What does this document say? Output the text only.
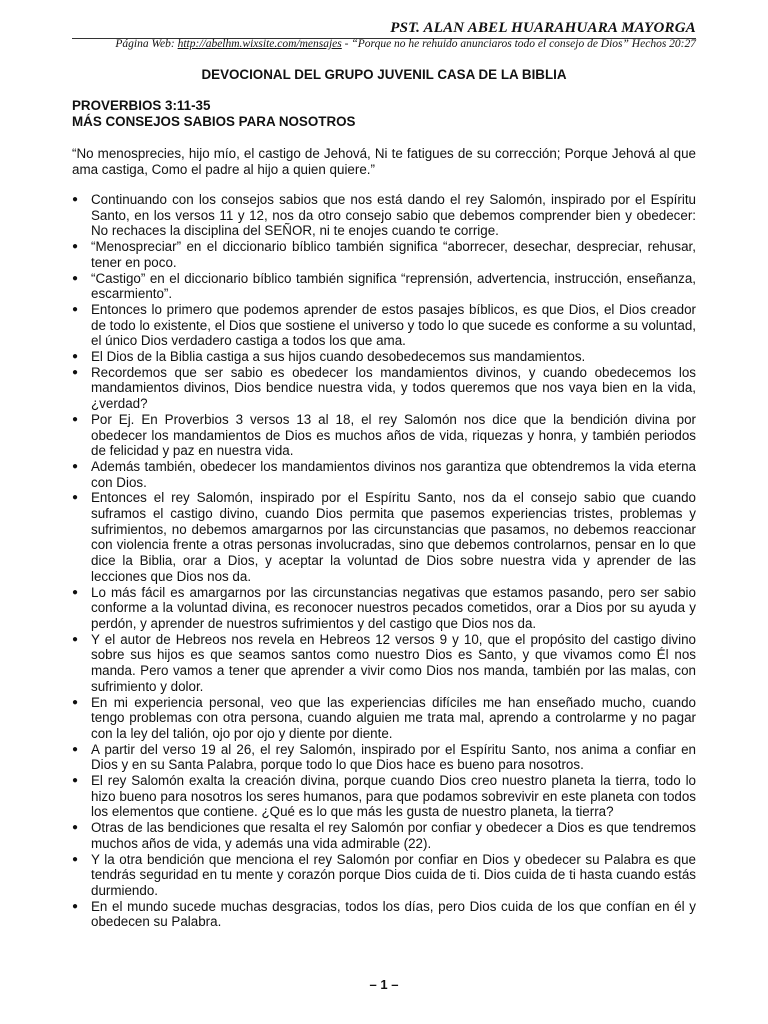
PST. ALAN ABEL HUARAHUARA MAYORGA
Página Web: http://abelhm.wixsite.com/mensajes - “Porque no he rehuido anunciaros todo el consejo de Dios” Hechos 20:27
DEVOCIONAL DEL GRUPO JUVENIL CASA DE LA BIBLIA
PROVERBIOS 3:11-35
MÁS CONSEJOS SABIOS PARA NOSOTROS
“No menosprecies, hijo mío, el castigo de Jehová, Ni te fatigues de su corrección; Porque Jehová al que ama castiga, Como el padre al hijo a quien quiere.”
● Continuando con los consejos sabios que nos está dando el rey Salomón, inspirado por el Espíritu Santo, en los versos 11 y 12, nos da otro consejo sabio que debemos comprender bien y obedecer: No rechaces la disciplina del SEÑOR, ni te enojes cuando te corrige.
● “Menospreciar” en el diccionario bíblico también significa “aborrecer, desechar, despreciar, rehusar, tener en poco.
● “Castigo” en el diccionario bíblico también significa “reprensión, advertencia, instrucción, enseñanza, escarmiento”.
● Entonces lo primero que podemos aprender de estos pasajes bíblicos, es que Dios, el Dios creador de todo lo existente, el Dios que sostiene el universo y todo lo que sucede es conforme a su voluntad, el único Dios verdadero castiga a todos los que ama.
● El Dios de la Biblia castiga a sus hijos cuando desobedecemos sus mandamientos.
● Recordemos que ser sabio es obedecer los mandamientos divinos, y cuando obedecemos los mandamientos divinos, Dios bendice nuestra vida, y todos queremos que nos vaya bien en la vida, ¿verdad?
● Por Ej. En Proverbios 3 versos 13 al 18, el rey Salomón nos dice que la bendición divina por obedecer los mandamientos de Dios es muchos años de vida, riquezas y honra, y también periodos de felicidad y paz en nuestra vida.
● Además también, obedecer los mandamientos divinos nos garantiza que obtendremos la vida eterna con Dios.
● Entonces el rey Salomón, inspirado por el Espíritu Santo, nos da el consejo sabio que cuando suframos el castigo divino, cuando Dios permita que pasemos experiencias tristes, problemas y sufrimientos, no debemos amargarnos por las circunstancias que pasamos, no debemos reaccionar con violencia frente a otras personas involucradas, sino que debemos controlarnos, pensar en lo que dice la Biblia, orar a Dios, y aceptar la voluntad de Dios sobre nuestra vida y aprender de las lecciones que Dios nos da.
● Lo más fácil es amargarnos por las circunstancias negativas que estamos pasando, pero ser sabio conforme a la voluntad divina, es reconocer nuestros pecados cometidos, orar a Dios por su ayuda y perdón, y aprender de nuestros sufrimientos y del castigo que Dios nos da.
● Y el autor de Hebreos nos revela en Hebreos 12 versos 9 y 10, que el propósito del castigo divino sobre sus hijos es que seamos santos como nuestro Dios es Santo, y que vivamos como Él nos manda. Pero vamos a tener que aprender a vivir como Dios nos manda, también por las malas, con sufrimiento y dolor.
● En mi experiencia personal, veo que las experiencias difíciles me han enseñado mucho, cuando tengo problemas con otra persona, cuando alguien me trata mal, aprendo a controlarme y no pagar con la ley del talión, ojo por ojo y diente por diente.
● A partir del verso 19 al 26, el rey Salomón, inspirado por el Espíritu Santo, nos anima a confiar en Dios y en su Santa Palabra, porque todo lo que Dios hace es bueno para nosotros.
● El rey Salomón exalta la creación divina, porque cuando Dios creo nuestro planeta la tierra, todo lo hizo bueno para nosotros los seres humanos, para que podamos sobrevivir en este planeta con todos los elementos que contiene. ¿Qué es lo que más les gusta de nuestro planeta, la tierra?
● Otras de las bendiciones que resalta el rey Salomón por confiar y obedecer a Dios es que tendremos muchos años de vida, y además una vida admirable (22).
● Y la otra bendición que menciona el rey Salomón por confiar en Dios y obedecer su Palabra es que tendrás seguridad en tu mente y corazón porque Dios cuida de ti. Dios cuida de ti hasta cuando estás durmiendo.
● En el mundo sucede muchas desgracias, todos los días, pero Dios cuida de los que confían en él y obedecen su Palabra.
– 1 –
